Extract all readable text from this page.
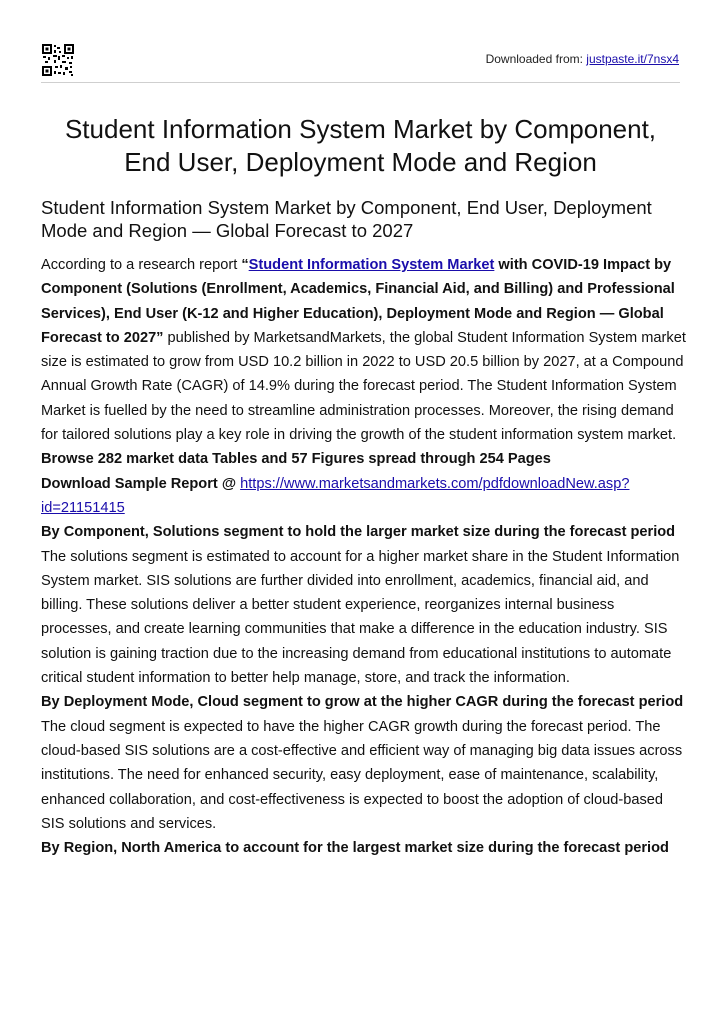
Downloaded from: justpaste.it/7nsx4
Student Information System Market by Component, End User, Deployment Mode and Region
Student Information System Market by Component, End User, Deployment Mode and Region — Global Forecast to 2027

According to a research report “Student Information System Market with COVID-19 Impact by Component (Solutions (Enrollment, Academics, Financial Aid, and Billing) and Professional Services), End User (K-12 and Higher Education), Deployment Mode and Region — Global Forecast to 2027” published by MarketsandMarkets, the global Student Information System market size is estimated to grow from USD 10.2 billion in 2022 to USD 20.5 billion by 2027, at a Compound Annual Growth Rate (CAGR) of 14.9% during the forecast period. The Student Information System Market is fuelled by the need to streamline administration processes. Moreover, the rising demand for tailored solutions play a key role in driving the growth of the student information system market.

Browse 282 market data Tables and 57 Figures spread through 254 Pages

Download Sample Report @ https://www.marketsandmarkets.com/pdfdownloadNew.asp?id=21151415

By Component, Solutions segment to hold the larger market size during the forecast period

The solutions segment is estimated to account for a higher market share in the Student Information System market. SIS solutions are further divided into enrollment, academics, financial aid, and billing. These solutions deliver a better student experience, reorganizes internal business processes, and create learning communities that make a difference in the education industry. SIS solution is gaining traction due to the increasing demand from educational institutions to automate critical student information to better help manage, store, and track the information.

By Deployment Mode, Cloud segment to grow at the higher CAGR during the forecast period

The cloud segment is expected to have the higher CAGR growth during the forecast period. The cloud-based SIS solutions are a cost-effective and efficient way of managing big data issues across institutions. The need for enhanced security, easy deployment, ease of maintenance, scalability, enhanced collaboration, and cost-effectiveness is expected to boost the adoption of cloud-based SIS solutions and services.

By Region, North America to account for the largest market size during the forecast period
